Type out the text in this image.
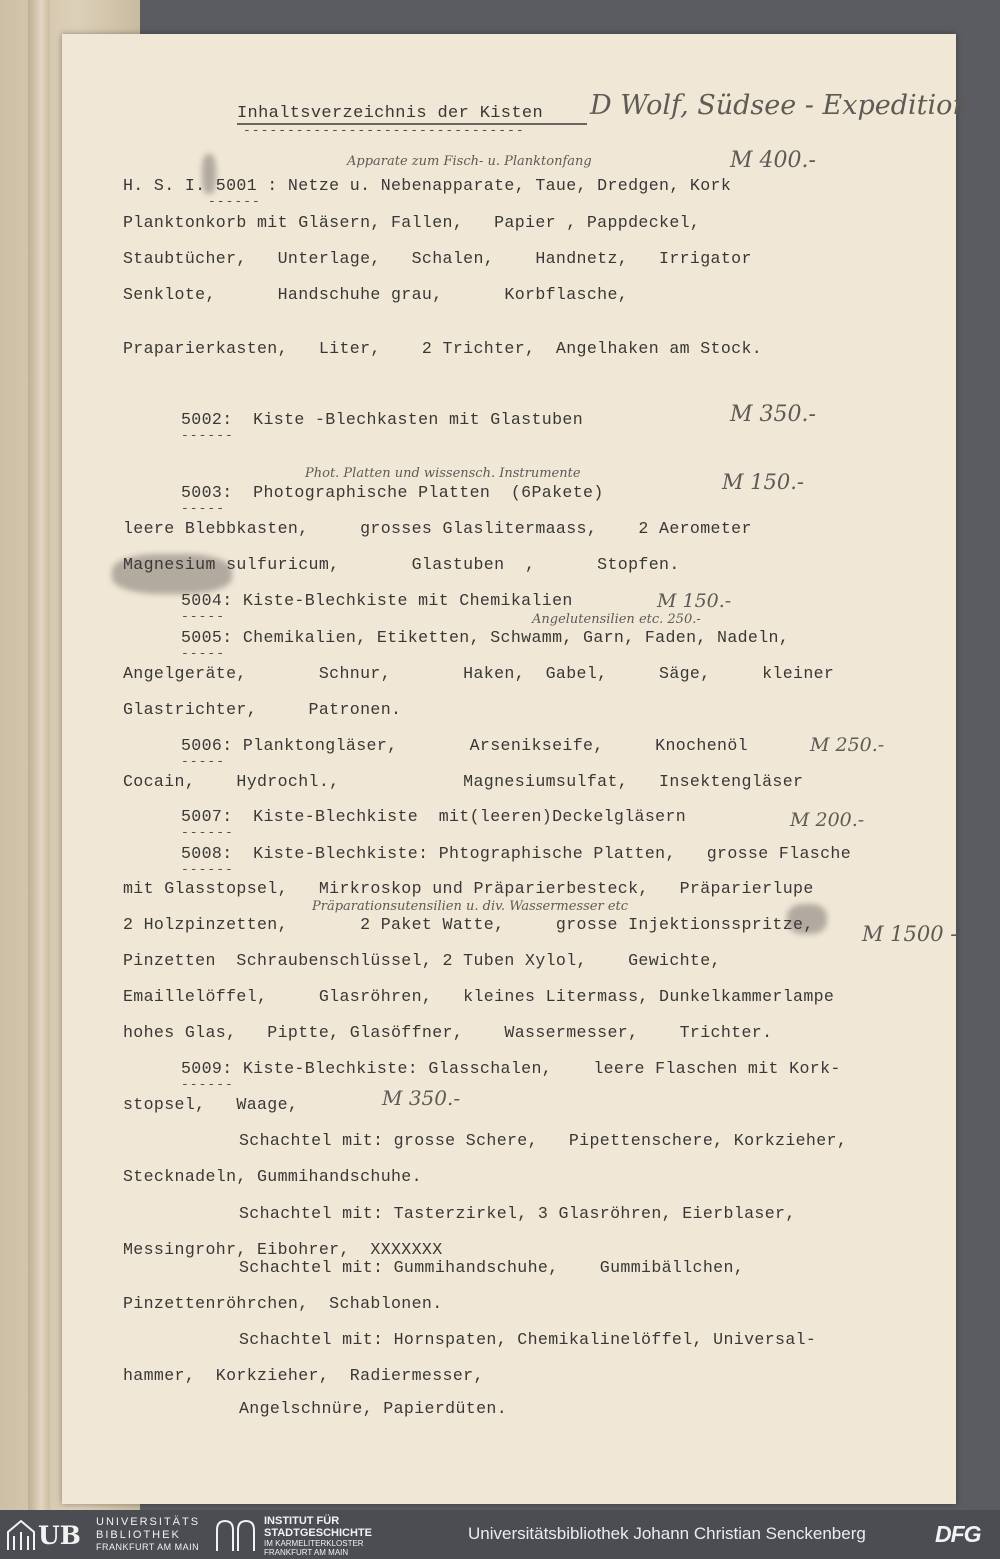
Inhaltsverzeichnis der Kisten
--------------------------------
D Wolf, Südsee - Expedition
Apparate zum Fisch- u. Planktonfang	M 400.-
H. S. I. 5001 : Netze u. Nebenapparate, Taue, Dredgen, Kork
------
Planktonkorb mit Gläsern, Fallen,   Papier , Pappdeckel,
Staubtücher,   Unterlage,   Schalen,    Handnetz,   Irrigator
Senklote,      Handschuhe grau,      Korbflasche,
Praparierkasten,   Liter,    2 Trichter,  Angelhaken am Stock.
5002:  Kiste -Blechkasten mit Glastuben
------
M 350.-
Phot. Platten und wissensch. Instrumente
5003:  Photographische Platten  (6Pakete)
-----
M 150.-
leere Blebbkasten,     grosses Glaslitermaass,    2 Aerometer
Magnesium sulfuricum,       Glastuben  ,      Stopfen.
5004: Kiste-Blechkiste mit Chemikalien
-----
M 150.-
Angelutensilien etc. 250.-
5005: Chemikalien, Etiketten, Schwamm, Garn, Faden, Nadeln,
-----
Angelgeräte,       Schnur,       Haken,  Gabel,     Säge,     kleiner
Glastrichter,     Patronen.
5006: Planktongläser,       Arsenikseife,     Knochenöl
-----
M 250.-
Cocain,    Hydrochl.,            Magnesiumsulfat,   Insektengläser
5007:  Kiste-Blechkiste  mit(leeren)Deckelgläsern
------
M 200.-
5008:  Kiste-Blechkiste: Phtographische Platten,   grosse Flasche
------
mit Glasstopsel,   Mirkroskop und Präparierbesteck,   Präparierlupe
Präparationsutensilien u. div. Wassermesser etc
2 Holzpinzetten,       2 Paket Watte,     grosse Injektionsspritze, M 1500 -
Pinzetten  Schraubenschlüssel, 2 Tuben Xylol,    Gewichte,
Emaillelöffel,     Glasröhren,   kleines Litermass, Dunkelkammerlampe
hohes Glas,   Piptte, Glasöffner,    Wassermesser,    Trichter.
5009: Kiste-Blechkiste: Glasschalen,    leere Flaschen mit Kork-
------
stopsel,   Waage,	M 350.-
Schachtel mit: grosse Schere,   Pipettenschere, Korkzieher,
Stecknadeln, Gummihandschuhe.
Schachtel mit: Tasterzirkel, 3 Glasröhren, Eierblaser,
Messingrohr, Eibohrer,  XXXXXXX
Schachtel mit: Gummihandschuhe,    Gummibällchen,
Pinzettenröhrchen,  Schablonen.
Schachtel mit: Hornspaten, Chemikalinelöffel, Universal-
hammer,  Korkzieher,  Radiermesser,
Angelschnüre, Papierdüten.
UB UNIVERSITÄTS
BIBLIOTHEK
FRANKFURT AM MAIN
INSTITUT FÜR
STADTGESCHICHTE
IM KARMELITERKLOSTER
FRANKFURT AM MAIN
Universitätsbibliothek Johann Christian Senckenberg	DFG
